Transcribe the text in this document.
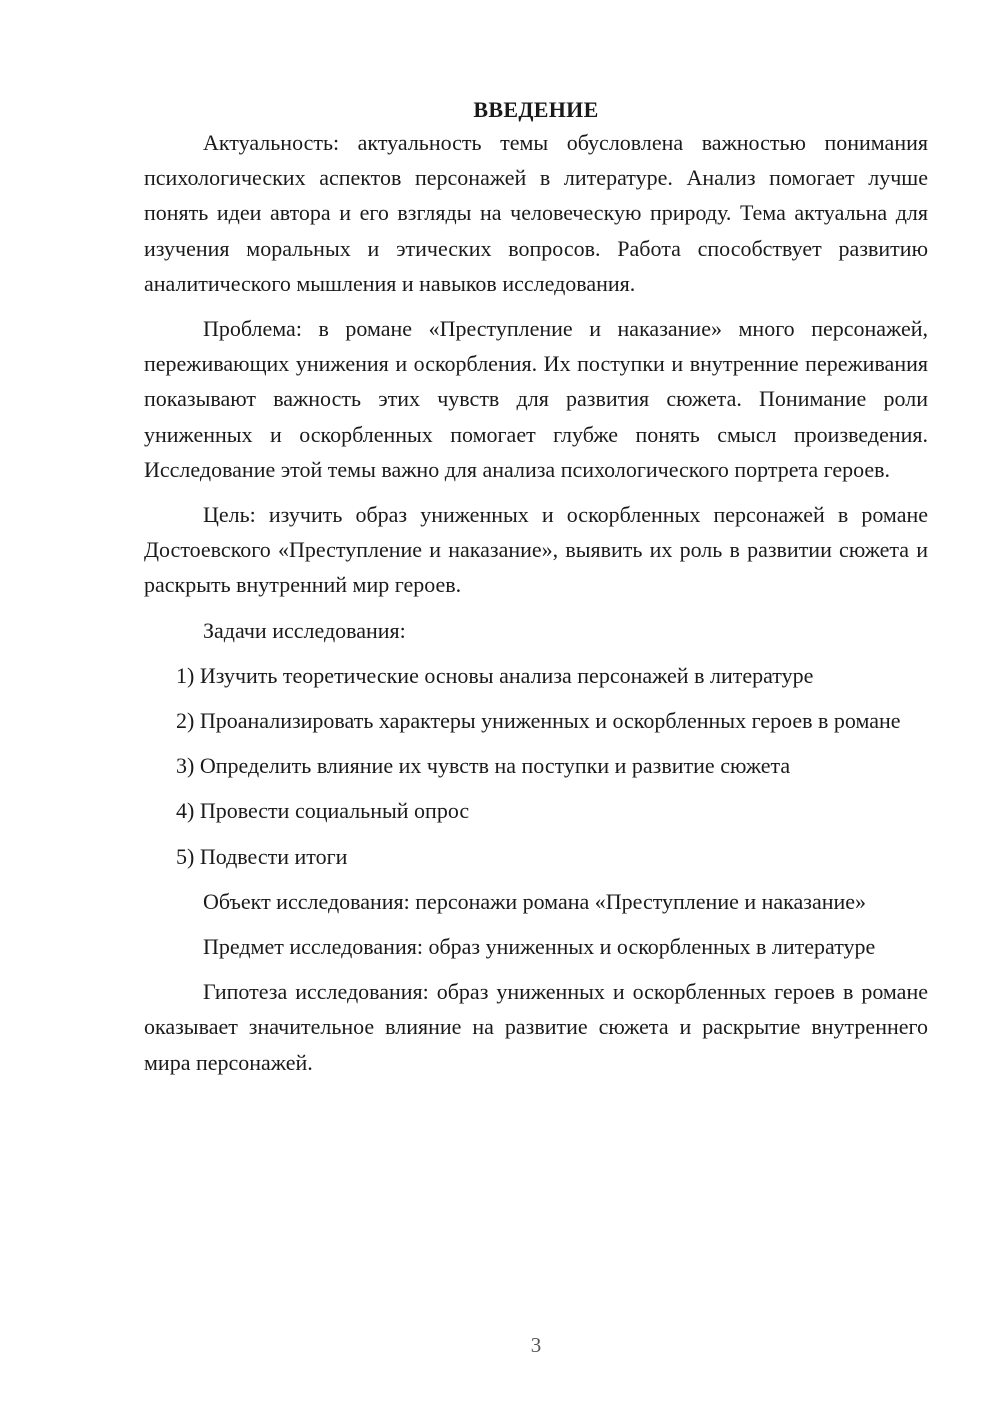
ВВЕДЕНИЕ

Актуальность: актуальность темы обусловлена важностью понимания психологических аспектов персонажей в литературе. Анализ помогает лучше понять идеи автора и его взгляды на человеческую природу. Тема актуальна для изучения моральных и этических вопросов. Работа способствует развитию аналитического мышления и навыков исследования.

Проблема: в романе «Преступление и наказание» много персонажей, переживающих унижения и оскорбления. Их поступки и внутренние переживания показывают важность этих чувств для развития сюжета. Понимание роли униженных и оскорбленных помогает глубже понять смысл произведения. Исследование этой темы важно для анализа психологического портрета героев.

Цель: изучить образ униженных и оскорбленных персонажей в романе Достоевского «Преступление и наказание», выявить их роль в развитии сюжета и раскрыть внутренний мир героев.

Задачи исследования:

1) Изучить теоретические основы анализа персонажей в литературе

2) Проанализировать характеры униженных и оскорбленных героев в романе

3) Определить влияние их чувств на поступки и развитие сюжета

4) Провести социальный опрос

5) Подвести итоги

Объект исследования: персонажи романа «Преступление и наказание»

Предмет исследования: образ униженных и оскорбленных в литературе

Гипотеза исследования: образ униженных и оскорбленных героев в романе оказывает значительное влияние на развитие сюжета и раскрытие внутреннего мира персонажей.

3
